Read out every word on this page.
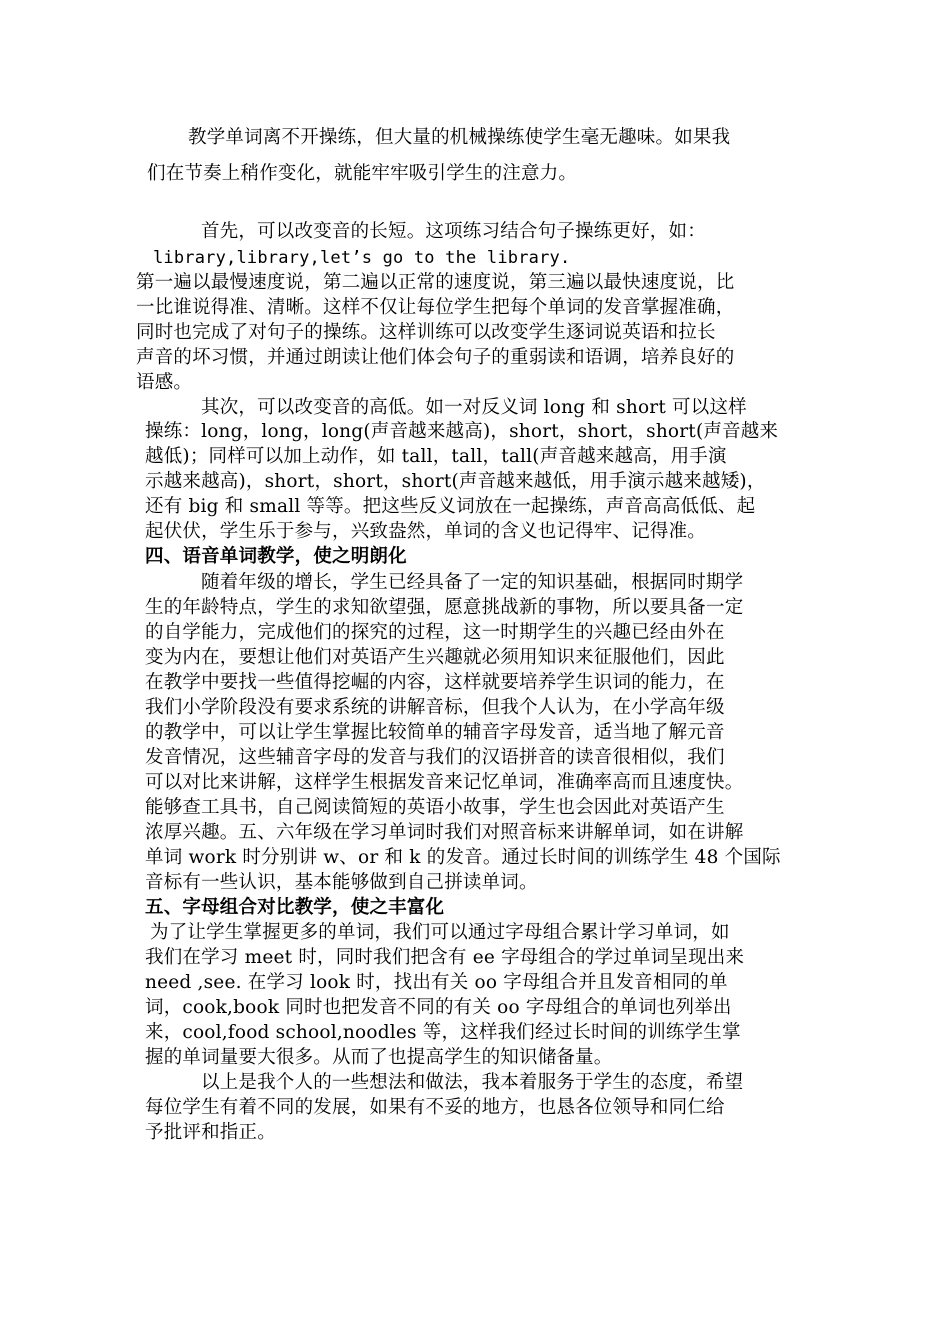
教学单词离不开操练，但大量的机械操练使学生毫无趣味。如果我
们在节奏上稍作变化，就能牢牢吸引学生的注意力。
首先，可以改变音的长短。这项练习结合句子操练更好，如：
library,library,let’s go to the library.
第一遍以最慢速度说，第二遍以正常的速度说，第三遍以最快速度说，比
一比谁说得准、清晰。这样不仅让每位学生把每个单词的发音掌握准确，
同时也完成了对句子的操练。这样训练可以改变学生逐词说英语和拉长
声音的坏习惯，并通过朗读让他们体会句子的重弱读和语调，培养良好的
语感。
其次，可以改变音的高低。如一对反义词 long 和 short 可以这样
操练：long，long，long(声音越来越高)，short，short，short(声音越来
越低)；同样可以加上动作，如 tall，tall，tall(声音越来越高，用手演
示越来越高)，short，short，short(声音越来越低，用手演示越来越矮)，
还有 big 和 small 等等。把这些反义词放在一起操练，声音高高低低、起
起伏伏，学生乐于参与，兴致盎然，单词的含义也记得牢、记得准。
四、语音单词教学，使之明朗化
随着年级的增长，学生已经具备了一定的知识基础，根据同时期学
生的年龄特点，学生的求知欲望强，愿意挑战新的事物，所以要具备一定
的自学能力，完成他们的探究的过程，这一时期学生的兴趣已经由外在
变为内在，要想让他们对英语产生兴趣就必须用知识来征服他们，因此
在教学中要找一些值得挖崛的内容，这样就要培养学生识词的能力，在
我们小学阶段没有要求系统的讲解音标，但我个人认为，在小学高年级
的教学中，可以让学生掌握比较简单的辅音字母发音，适当地了解元音
发音情况，这些辅音字母的发音与我们的汉语拼音的读音很相似，我们
可以对比来讲解，这样学生根据发音来记忆单词，准确率高而且速度快。
能够查工具书，自己阅读简短的英语小故事，学生也会因此对英语产生
浓厚兴趣。五、六年级在学习单词时我们对照音标来讲解单词，如在讲解
单词 work 时分别讲 w、or 和 k 的发音。通过长时间的训练学生 48 个国际
音标有一些认识，基本能够做到自己拼读单词。
五、字母组合对比教学，使之丰富化
为了让学生掌握更多的单词，我们可以通过字母组合累计学习单词，如
我们在学习 meet 时，同时我们把含有 ee 字母组合的学过单词呈现出来
need ,see. 在学习 look 时，找出有关 oo 字母组合并且发音相同的单
词，cook,book 同时也把发音不同的有关 oo 字母组合的单词也列举出
来，cool,food school,noodles 等，这样我们经过长时间的训练学生掌
握的单词量要大很多。从而了也提高学生的知识储备量。
以上是我个人的一些想法和做法，我本着服务于学生的态度，希望
每位学生有着不同的发展，如果有不妥的地方，也恳各位领导和同仁给
予批评和指正。
